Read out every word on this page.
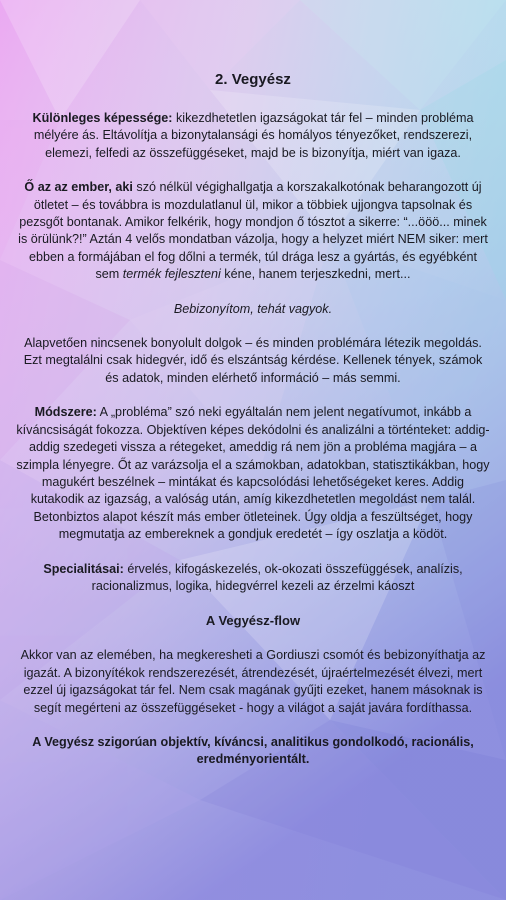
2. Vegyész

Különleges képessége: kikezdhetetlen igazságokat tár fel – minden probléma mélyére ás. Eltávolítja a bizonytalansági és homályos tényezőket, rendszerezi, elemezi, felfedi az összefüggéseket, majd be is bizonyítja, miért van igaza.

Ő az az ember, aki szó nélkül végighallgatja a korszakalkotónak beharangozott új ötletet – és továbbra is mozdulatlanul ül, mikor a többiek ujjongva tapsolnak és pezsgőt bontanak. Amikor felkérik, hogy mondjon ő tósztot a sikerre: “...ööö... minek is örülünk?!” Aztán 4 velős mondatban vázolja, hogy a helyzet miért NEM siker: mert ebben a formájában el fog dőlni a termék, túl drága lesz a gyártás, és egyébként sem termék fejleszteni kéne, hanem terjeszkedni, mert...

Bebizonyítom, tehát vagyok.

Alapvetően nincsenek bonyolult dolgok – és minden problémára létezik megoldás. Ezt megtalálni csak hidegvér, idő és elszántság kérdése. Kellenek tények, számok és adatok, minden elérhető információ – más semmi.

Módszere: A „probléma” szó neki egyáltalán nem jelent negatívumot, inkább a kíváncsiságát fokozza. Objektíven képes dekódolni és analizálni a történteket: addig-addig szedegeti vissza a rétegeket, ameddig rá nem jön a probléma magjára – a szimpla lényegre. Őt az varázsolja el a számokban, adatokban, statisztikákban, hogy magukért beszélnek – mintákat és kapcsolódási lehetőségeket keres. Addig kutakodik az igazság, a valóság után, amíg kikezdhetetlen megoldást nem talál. Betonbiztos alapot készít más ember ötleteinek. Úgy oldja a feszültséget, hogy megmutatja az embereknek a gondjuk eredetét – így oszlatja a ködöt.

Specialitásai: érvelés, kifogáskezelés, ok-okozati összefüggések, analízis, racionalizmus, logika, hidegvérrel kezeli az érzelmi káoszt

A Vegyész-flow

Akkor van az elemében, ha megkeresheti a Gordiuszi csomót és bebizonyíthatja az igazát. A bizonyítékok rendszerezését, átrendezését, újraértelmezését élvezi, mert ezzel új igazságokat tár fel. Nem csak magának gyűjti ezeket, hanem másoknak is segít megérteni az összefüggéseket - hogy a világot a saját javára fordíthassa.

A Vegyész szigorúan objektív, kíváncsi, analitikus gondolkodó, racionális, eredményorientált.
